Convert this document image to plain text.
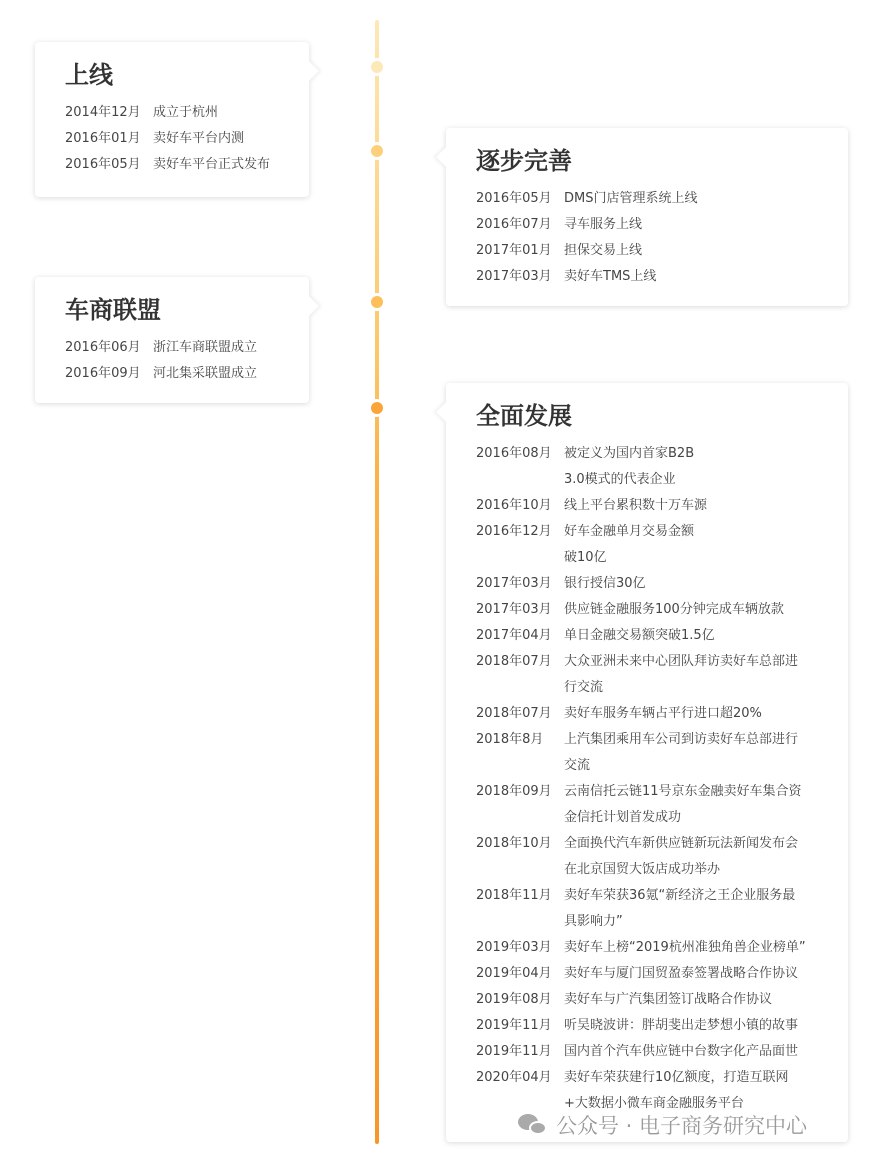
上线
2014年12月 成立于杭州
2016年01月 卖好车平台内测
2016年05月 卖好车平台正式发布	逐步完善
2016年05月 DMS门店管理系统上线
2016年07月 寻车服务上线
2017年01月 担保交易上线
2017年03月 卖好车TMS上线
车商联盟
2016年06月 浙江车商联盟成立
2016年09月 河北集采联盟成立
全面发展
2016年08月 被定义为国内首家B2B
3.0模式的代表企业
2016年10月 线上平台累积数十万车源
2016年12月 好车金融单月交易金额
破10亿
2017年03月 银行授信30亿
2017年03月 供应链金融服务100分钟完成车辆放款
2017年04月 单日金融交易额突破1.5亿
2018年07月 大众亚洲未来中心团队拜访卖好车总部进
行交流
2018年07月 卖好车服务车辆占平行进口超20%
2018年8月	上汽集团乘用车公司到访卖好车总部进行
交流
2018年09月 云南信托云链11号京东金融卖好车集合资
金信托计划首发成功
2018年10月 全面换代汽车新供应链新玩法新闻发布会
在北京国贸大饭店成功举办
2018年11月 卖好车荣获36氪“新经济之王企业服务最
具影响力”
2019年03月 卖好车上榜“2019杭州准独角兽企业榜单”
2019年04月 卖好车与厦门国贸盈泰签署战略合作协议
2019年08月 卖好车与广汽集团签订战略合作协议
2019年11月 听吴晓波讲：胖胡斐出走梦想小镇的故事
2019年11月 国内首个汽车供应链中台数字化产品面世
2020年04月 卖好车荣获建行10亿额度，打造互联网
+大数据小微车商金融服务平台
公众号 · 电子商务研究中心
